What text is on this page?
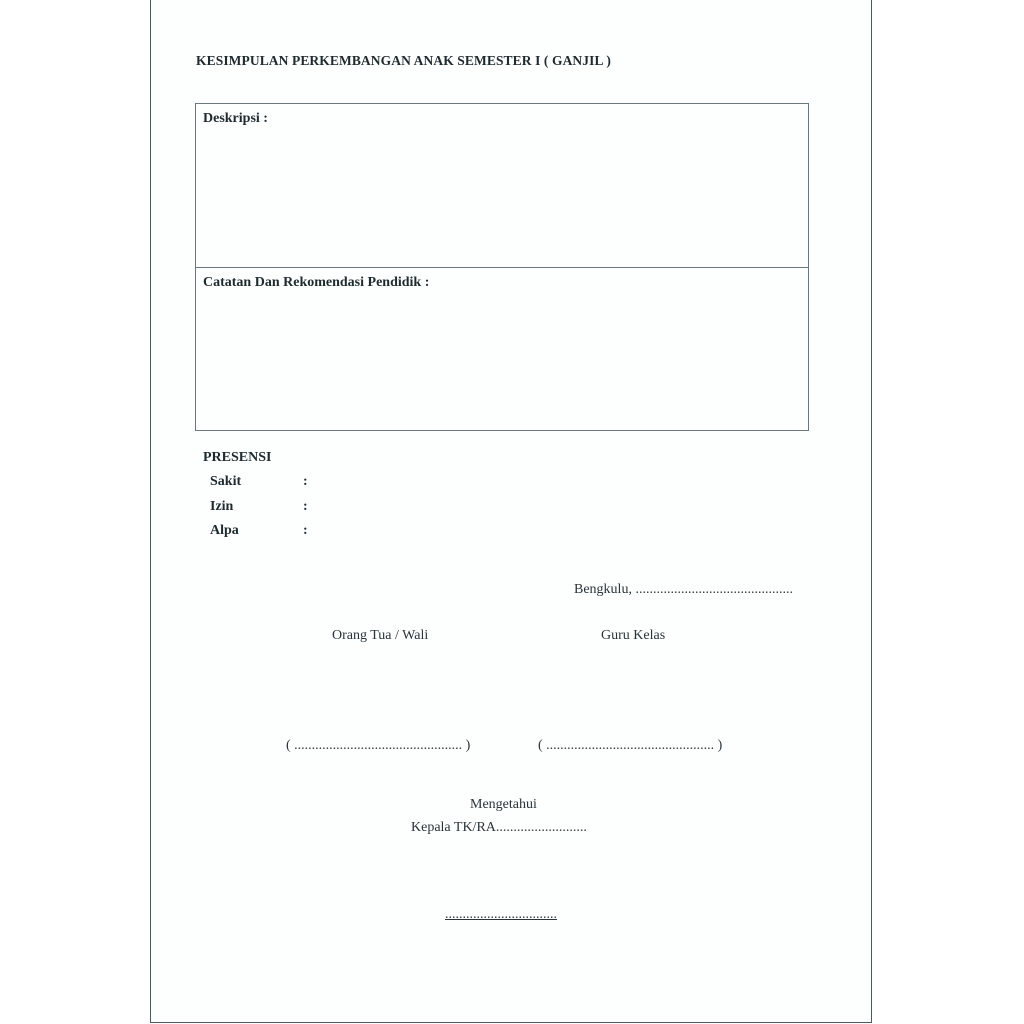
KESIMPULAN PERKEMBANGAN ANAK SEMESTER I ( GANJIL )
Deskripsi :
Catatan Dan Rekomendasi Pendidik :
PRESENSI
Sakit	:
Izin	:
Alpa	:
Bengkulu, .............................................
Orang Tua / Wali	Guru Kelas
( ................................................ )	( ................................................ )
Mengetahui
Kepala TK/RA..........................
................................
